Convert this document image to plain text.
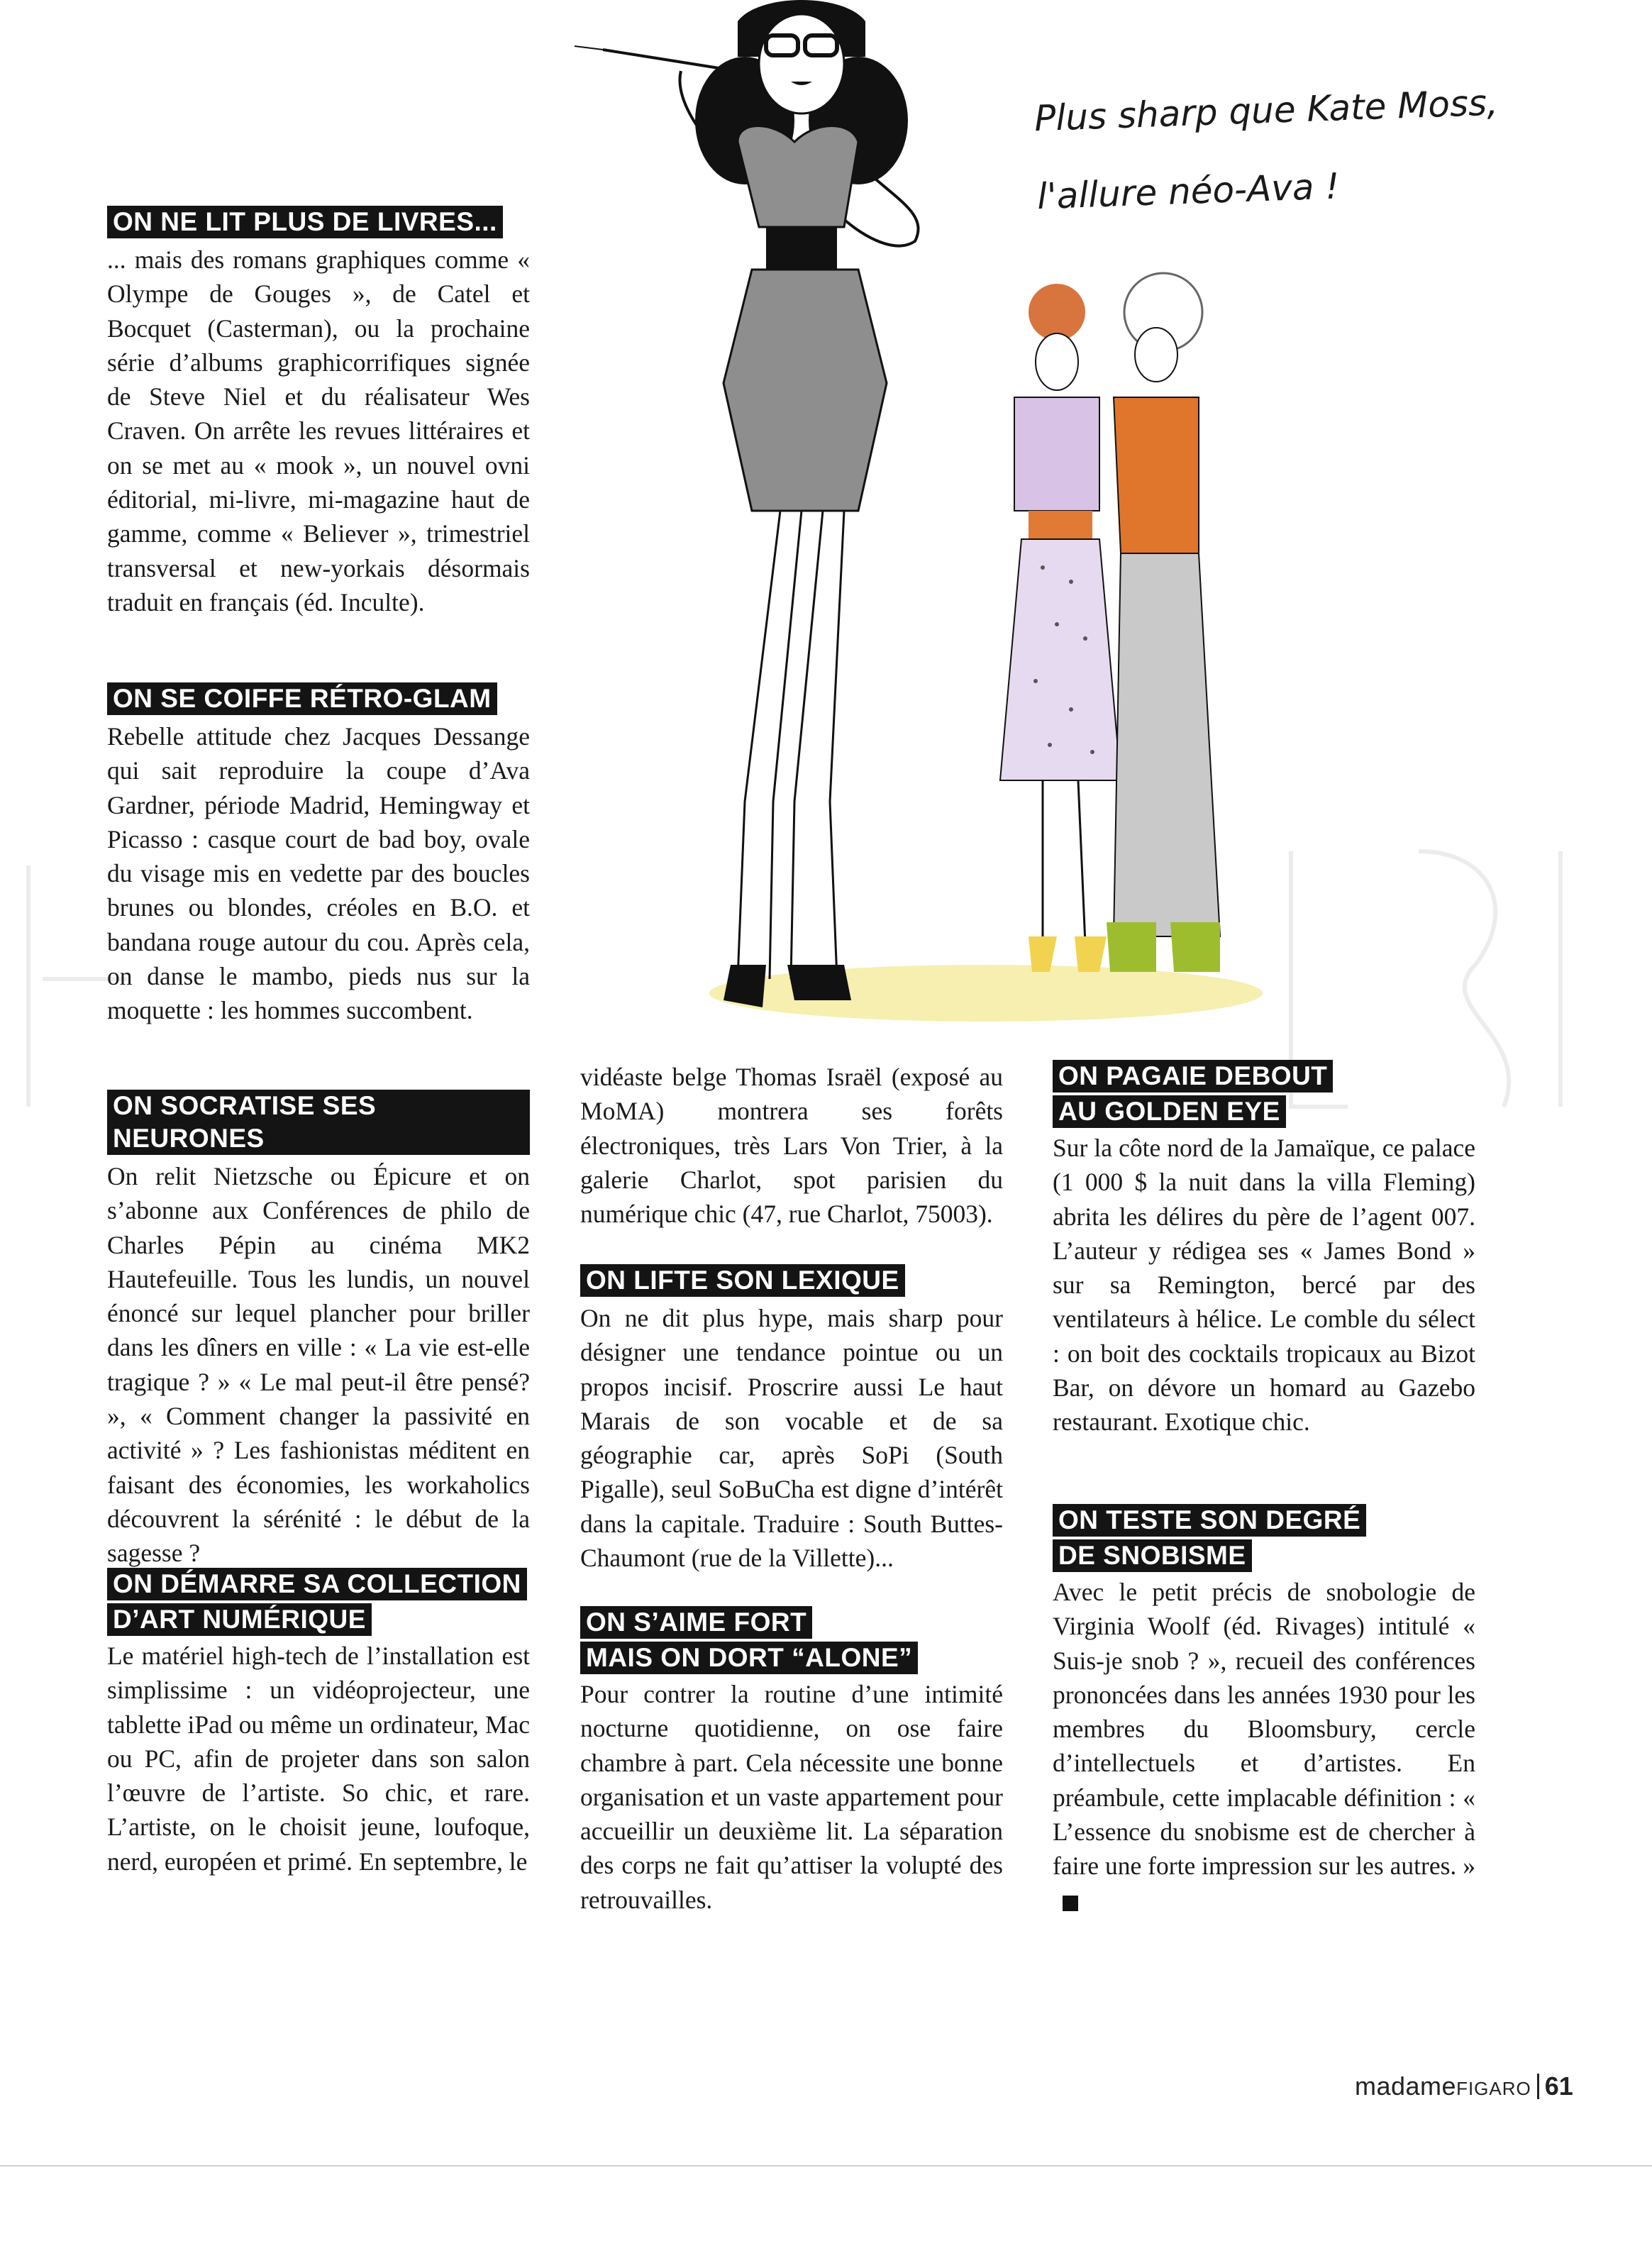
Plus sharp que Kate Moss, l'allure néo-Ava !
ON NE LIT PLUS DE LIVRES...

... mais des romans graphiques comme « Olympe de Gouges », de Catel et Bocquet (Casterman), ou la prochaine série d’albums graphicorrifiques signée de Steve Niel et du réalisateur Wes Craven. On arrête les revues littéraires et on se met au « mook », un nouvel ovni éditorial, mi-livre, mi-magazine haut de gamme, comme « Believer », trimestriel transversal et new-yorkais désormais traduit en français (éd. Inculte).

ON SE COIFFE RÉTRO-GLAM

Rebelle attitude chez Jacques Dessange qui sait reproduire la coupe d’Ava Gardner, période Madrid, Hemingway et Picasso : casque court de bad boy, ovale du visage mis en vedette par des boucles brunes ou blondes, créoles en B.O. et bandana rouge autour du cou. Après cela, on danse le mambo, pieds nus sur la moquette : les hommes succombent.

ON SOCRATISE SES NEURONES

On relit Nietzsche ou Épicure et on s’abonne aux Conférences de philo de Charles Pépin au cinéma MK2 Hautefeuille. Tous les lundis, un nouvel énoncé sur lequel plancher pour briller dans les dîners en ville : « La vie est-elle tragique ? » « Le mal peut-il être pensé? », « Comment changer la passivité en activité » ? Les fashionistas méditent en faisant des économies, les workaholics découvrent la sérénité : le début de la sagesse ?

ON DÉMARRE SA COLLECTION
D’ART NUMÉRIQUE

Le matériel high-tech de l’installation est simplissime : un vidéoprojecteur, une tablette iPad ou même un ordinateur, Mac ou PC, afin de projeter dans son salon l’œuvre de l’artiste. So chic, et rare. L’artiste, on le choisit jeune, loufoque, nerd, européen et primé. En septembre, le

vidéaste belge Thomas Israël (exposé au MoMA) montrera ses forêts électroniques, très Lars Von Trier, à la galerie Charlot, spot parisien du numérique chic (47, rue Charlot, 75003).

ON LIFTE SON LEXIQUE

On ne dit plus hype, mais sharp pour désigner une tendance pointue ou un propos incisif. Proscrire aussi Le haut Marais de son vocable et de sa géographie car, après SoPi (South Pigalle), seul SoBuCha est digne d’intérêt dans la capitale. Traduire : South Buttes-Chaumont (rue de la Villette)...

ON S’AIME FORT
MAIS ON DORT “ALONE”

Pour contrer la routine d’une intimité nocturne quotidienne, on ose faire chambre à part. Cela nécessite une bonne organisation et un vaste appartement pour accueillir un deuxième lit. La séparation des corps ne fait qu’attiser la volupté des retrouvailles.

ON PAGAIE DEBOUT
AU GOLDEN EYE

Sur la côte nord de la Jamaïque, ce palace (1 000 $ la nuit dans la villa Fleming) abrita les délires du père de l’agent 007. L’auteur y rédigea ses « James Bond » sur sa Remington, bercé par des ventilateurs à hélice. Le comble du sélect : on boit des cocktails tropicaux au Bizot Bar, on dévore un homard au Gazebo restaurant. Exotique chic.

ON TESTE SON DEGRÉ
DE SNOBISME

Avec le petit précis de snobologie de Virginia Woolf (éd. Rivages) intitulé « Suis-je snob ? », recueil des conférences prononcées dans les années 1930 pour les membres du Bloomsbury, cercle d’intellectuels et d’artistes. En préambule, cette implacable définition : « L’essence du snobisme est de chercher à faire une forte impression sur les autres. »

madameFIGARO 61
